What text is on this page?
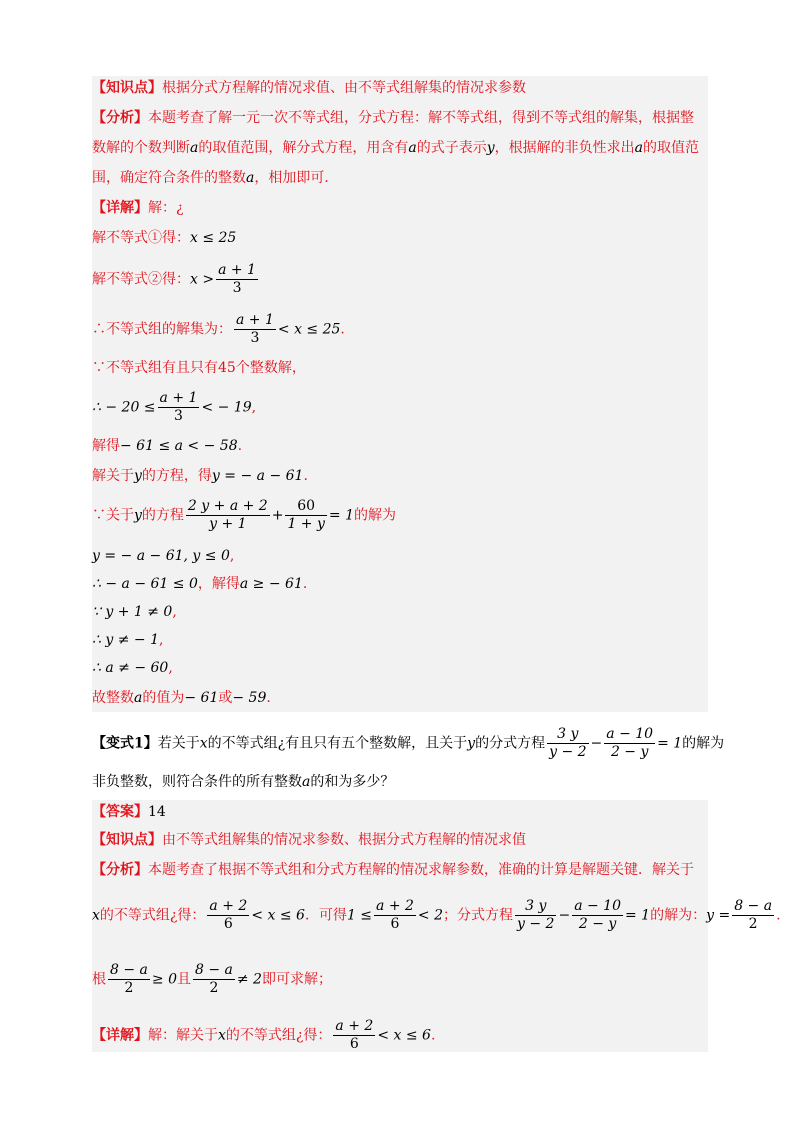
【知识点】根据分式方程解的情况求值、由不等式组解集的情况求参数
【分析】本题考查了解一元一次不等式组，分式方程：解不等式组，得到不等式组的解集，根据整
数解的个数判断a的取值范围，解分式方程，用含有a的式子表示y，根据解的非负性求出a的取值范
围，确定符合条件的整数a，相加即可．
【详解】解：¿
解不等式①得：x ≤ 25
解不等式②得：$x > \frac{a + 1}{3}$
∴不等式组的解集为： $\frac{a + 1}{3} < x \le 25$.
∵不等式组有且只有45个整数解，
∴ − $20 \le \frac{a + 1}{3}$ < − 19,
解得− 61 ≤ a < − 58.
解关于y的方程，得y = − a − 61.
∵关于y的方程 $\frac{2 y + a + 2}{y + 1} + \frac{60}{1 + y} = 1$的解为
y = − a − 61, y ≤ 0,
∴ − a − 61 ≤ 0，解得a ≥ − 61.
∵ y + 1 ≠ 0,
∴ y ≠ − 1,
∴ a ≠ − 60,
故整数a的值为− 61或− 59.
【变式1】若关于x的不等式组¿有且只有五个整数解，且关于y的分式方程 $\frac{3 y}{y - 2} - \frac{a - 10}{2 - y} = 1$的解为
非负整数，则符合条件的所有整数a的和为多少？
【答案】14
【知识点】由不等式组解集的情况求参数、根据分式方程解的情况求值
【分析】本题考查了根据不等式组和分式方程解的情况求解参数，准确的计算是解题关键．解关于
x的不等式组¿得： $\frac{a + 2}{6} < x \le 6$．可得$1 \le \frac{a + 2}{6} < 2$；分式方程 $\frac{3 y}{y - 2} - \frac{a - 10}{2 - y} = 1$的解为：$y = \frac{8 - a}{2}$ .
根 $\frac{8 - a}{2} \ge 0$且 $\frac{8 - a}{2} \ne 2$即可求解；
【详解】解：解关于x的不等式组¿得： $\frac{a + 2}{6} < x \le 6$.
